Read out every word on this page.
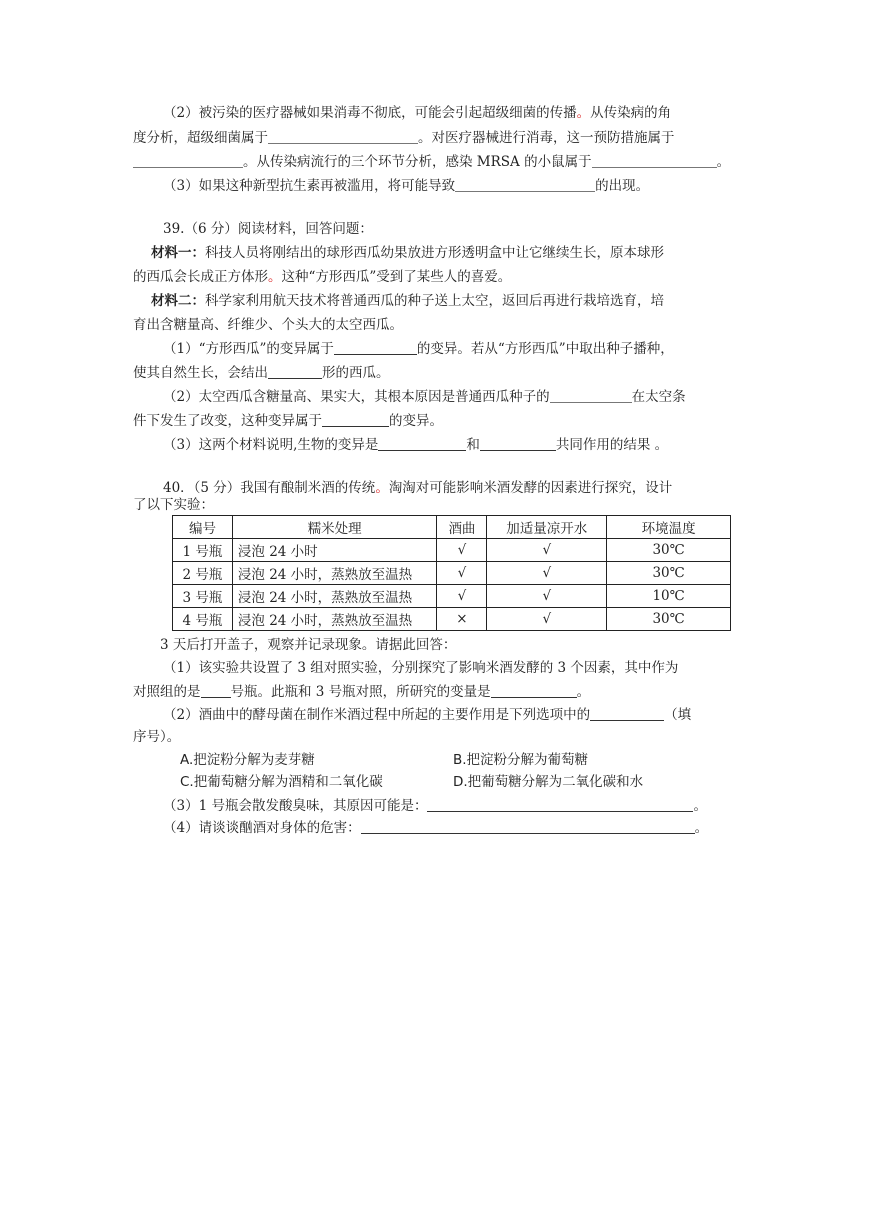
（2）被污染的医疗器械如果消毒不彻底，可能会引起超级细菌的传播。从传染病的角
度分析，超级细菌属于	。对医疗器械进行消毒，这一预防措施属于
。从传染病流行的三个环节分析，感染 MRSA 的小鼠属于	。
（3）如果这种新型抗生素再被滥用，将可能导致	的出现。
39.（6 分）阅读材料，回答问题：
材料一：科技人员将刚结出的球形西瓜幼果放进方形透明盒中让它继续生长，原本球形
的西瓜会长成正方体形。这种“方形西瓜”受到了某些人的喜爱。
材料二：科学家利用航天技术将普通西瓜的种子送上太空，返回后再进行栽培选育，培
育出含糖量高、纤维少、个头大的太空西瓜。
（1）“方形西瓜”的变异属于	的变异。若从“方形西瓜”中取出种子播种，
使其自然生长，会结出	形的西瓜。
（2）太空西瓜含糖量高、果实大，其根本原因是普通西瓜种子的	在太空条
件下发生了改变，这种变异属于	的变异。
（3）这两个材料说明,生物的变异是	和	共同作用的结果 。
40．（5 分）我国有酿制米酒的传统。淘淘对可能影响米酒发酵的因素进行探究，设计
了以下实验：
编号	糯米处理	酒曲	加适量凉开水	环境温度
1 号瓶	浸泡 24 小时	√	√	30℃
2 号瓶	浸泡 24 小时，蒸熟放至温热	√	√	30℃
3 号瓶	浸泡 24 小时，蒸熟放至温热	√	√	10℃
4 号瓶	浸泡 24 小时，蒸熟放至温热	×	√	30℃
3 天后打开盖子，观察并记录现象。请据此回答：
（1）该实验共设置了 3 组对照实验，分别探究了影响米酒发酵的 3 个因素，其中作为
对照组的是 号瓶。此瓶和 3 号瓶对照，所研究的变量是	。
（2）酒曲中的酵母菌在制作米酒过程中所起的主要作用是下列选项中的	（填
序号）。
A.把淀粉分解为麦芽糖	B.把淀粉分解为葡萄糖
C.把葡萄糖分解为酒精和二氧化碳	D.把葡萄糖分解为二氧化碳和水
（3）1 号瓶会散发酸臭味，其原因可能是：	。
（4）请谈谈酗酒对身体的危害：	。
